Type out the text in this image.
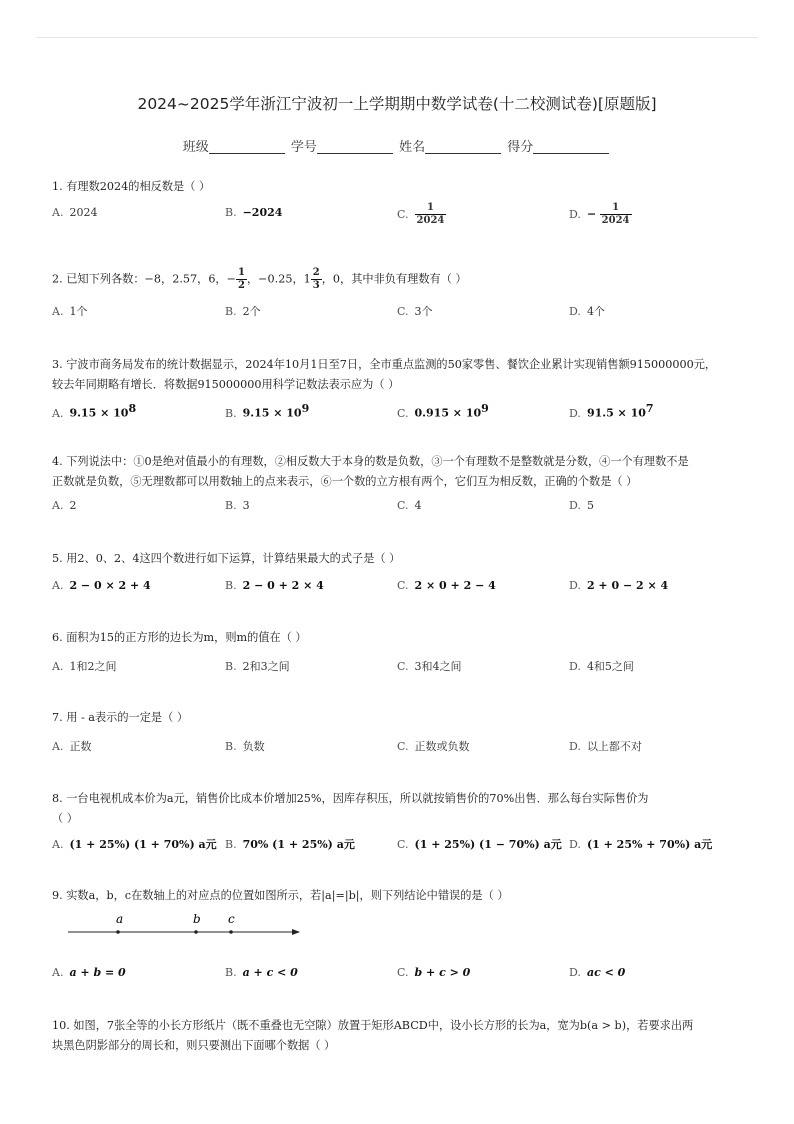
2024~2025学年浙江宁波初一上学期期中数学试卷(十二校测试卷)[原题版]
班级	学号	姓名	得分
1. 有理数2024的相反数是（ ）
A. 2024	B. −2024	C. $\frac{1}{2024}$	D. − $\frac{1}{2024}$
2. 已知下列各数：−8，2.57，6，− $\frac{1}{2}$ ，−0.25，$1 \frac{2}{3}$ ，0，其中非负有理数有（ ）
A. 1个	B. 2个	C. 3个	D. 4个
3. 宁波市商务局发布的统计数据显示，2024年10月1日至7日，全市重点监测的50家零售、餐饮企业累计实现销售额915000000元，
较去年同期略有增长．将数据915000000用科学记数法表示应为（ ）
A. $9.15 \times 10^8$	B. $9.15 \times 10^9$	C. $0.915 \times 10^9$	D. $91.5 \times 10^7$
4. 下列说法中：①0是绝对值最小的有理数，②相反数大于本身的数是负数，③一个有理数不是整数就是分数，④一个有理数不是
正数就是负数，⑤无理数都可以用数轴上的点来表示，⑥一个数的立方根有两个，它们互为相反数，正确的个数是（ ）
A. 2	B. 3	C. 4	D. 5
5. 用2、0、2、4这四个数进行如下运算，计算结果最大的式子是（ ）
A. 2 − 0 × 2 + 4	B. 2 − 0 + 2 × 4	C. 2 × 0 + 2 − 4	D. 2 + 0 − 2 × 4
6. 面积为15的正方形的边长为m，则m的值在（ ）
A. 1和2之间	B. 2和3之间	C. 3和4之间	D. 4和5之间
7. 用 - a表示的一定是（ ）
A. 正数	B. 负数	C. 正数或负数	D. 以上都不对
8. 一台电视机成本价为a元，销售价比成本价增加25%，因库存积压，所以就按销售价的70%出售．那么每台实际售价为
（ ）
A. (1 + 25%) (1 + 70%) a元 B. 70% (1 + 25%) a元	C. (1 + 25%) (1 − 70%) a元 D. (1 + 25% + 70%) a元
9. 实数a，b，c在数轴上的对应点的位置如图所示，若|a|=|b|，则下列结论中错误的是（ ）
a	b c
A. a + b = 0	B. a + c < 0	C. b + c > 0	D. ac < 0
10. 如图，7张全等的小长方形纸片（既不重叠也无空隙）放置于矩形ABCD中，设小长方形的长为a，宽为b(a > b)，若要求出两
块黑色阴影部分的周长和，则只要测出下面哪个数据（ ）
